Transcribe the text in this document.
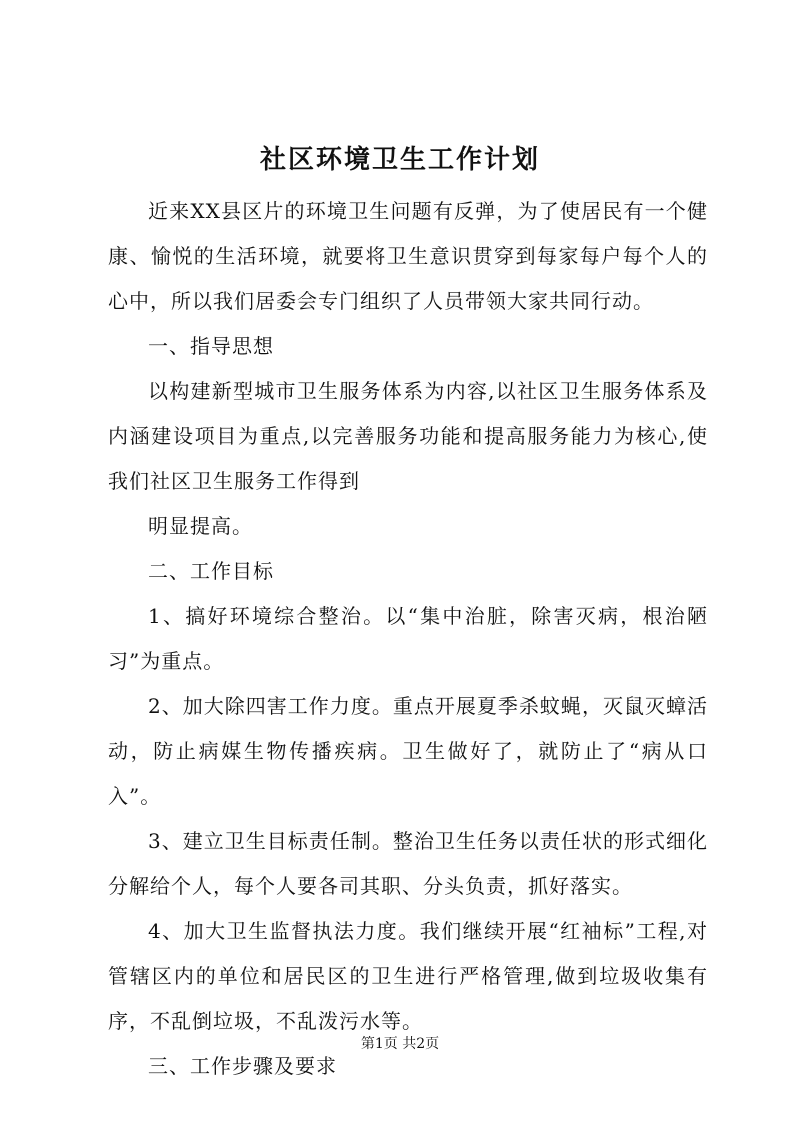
社区环境卫生工作计划

近来XX县区片的环境卫生问题有反弹，为了使居民有一个健康、愉悦的生活环境，就要将卫生意识贯穿到每家每户每个人的心中，所以我们居委会专门组织了人员带领大家共同行动。

一、指导思想

以构建新型城市卫生服务体系为内容,以社区卫生服务体系及内涵建设项目为重点,以完善服务功能和提高服务能力为核心,使我们社区卫生服务工作得到

明显提高。

二、工作目标

1、搞好环境综合整治。以“集中治脏，除害灭病，根治陋习”为重点。

2、加大除四害工作力度。重点开展夏季杀蚊蝇，灭鼠灭蟑活动，防止病媒生物传播疾病。卫生做好了，就防止了“病从口入”。

3、建立卫生目标责任制。整治卫生任务以责任状的形式细化分解给个人，每个人要各司其职、分头负责，抓好落实。

4、加大卫生监督执法力度。我们继续开展“红袖标”工程,对管辖区内的单位和居民区的卫生进行严格管理,做到垃圾收集有序，不乱倒垃圾，不乱泼污水等。

三、工作步骤及要求

第1页 共2页
